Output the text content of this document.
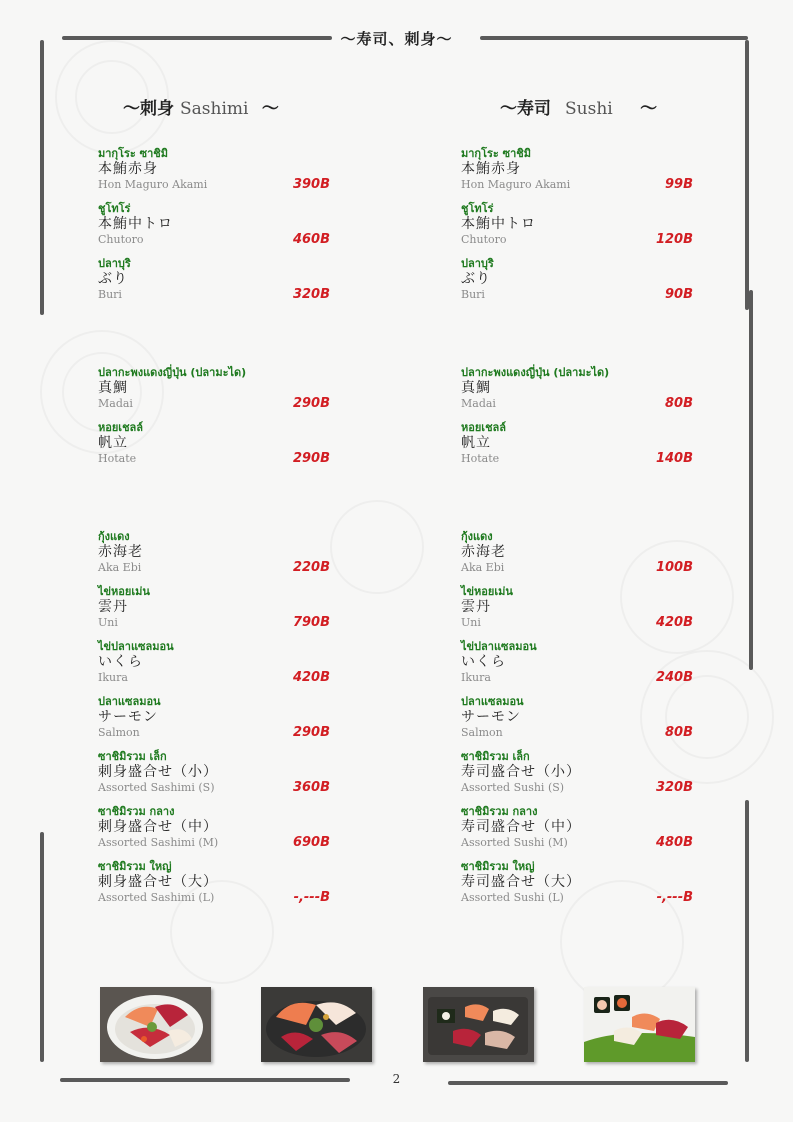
〜寿司、刺身〜
〜刺身 Sashimi 〜	〜寿司 Sushi 〜
มากุโระ ซาชิมิ
本鮪赤身
Hon Maguro Akami	390B
ชูโทโร่
本鮪中トロ
Chutoro	460B
ปลาบุริ
ぶり
Buri	320B
ปลากะพงแดงญี่ปุ่น (ปลามะได)
真鯛
Madai	290B
หอยเชลล์
帆立
Hotate	290B
กุ้งแดง
赤海老
Aka Ebi	220B
ไข่หอยเม่น
雲丹
Uni	790B
ไข่ปลาแซลมอน
いくら
Ikura	420B
ปลาแซลมอน
サーモン
Salmon	290B
ซาชิมิรวม เล็ก
刺身盛合せ（小）
Assorted Sashimi (S)	360B
ซาชิมิรวม กลาง
刺身盛合せ（中）
Assorted Sashimi (M)	690B
ซาชิมิรวม ใหญ่
刺身盛合せ（大）
Assorted Sashimi (L)	-,---B
มากุโระ ซาชิมิ
本鮪赤身
Hon Maguro Akami	99B
ชูโทโร่
本鮪中トロ
Chutoro	120B
ปลาบุริ
ぶり
Buri	90B
ปลากะพงแดงญี่ปุ่น (ปลามะได)
真鯛
Madai	80B
หอยเชลล์
帆立
Hotate	140B
กุ้งแดง
赤海老
Aka Ebi	100B
ไข่หอยเม่น
雲丹
Uni	420B
ไข่ปลาแซลมอน
いくら
Ikura	240B
ปลาแซลมอน
サーモン
Salmon	80B
ซาชิมิรวม เล็ก
寿司盛合せ（小）
Assorted Sushi (S)	320B
ซาชิมิรวม กลาง
寿司盛合せ（中）
Assorted Sushi (M)	480B
ซาชิมิรวม ใหญ่
寿司盛合せ（大）
Assorted Sushi (L)	-,---B
2
